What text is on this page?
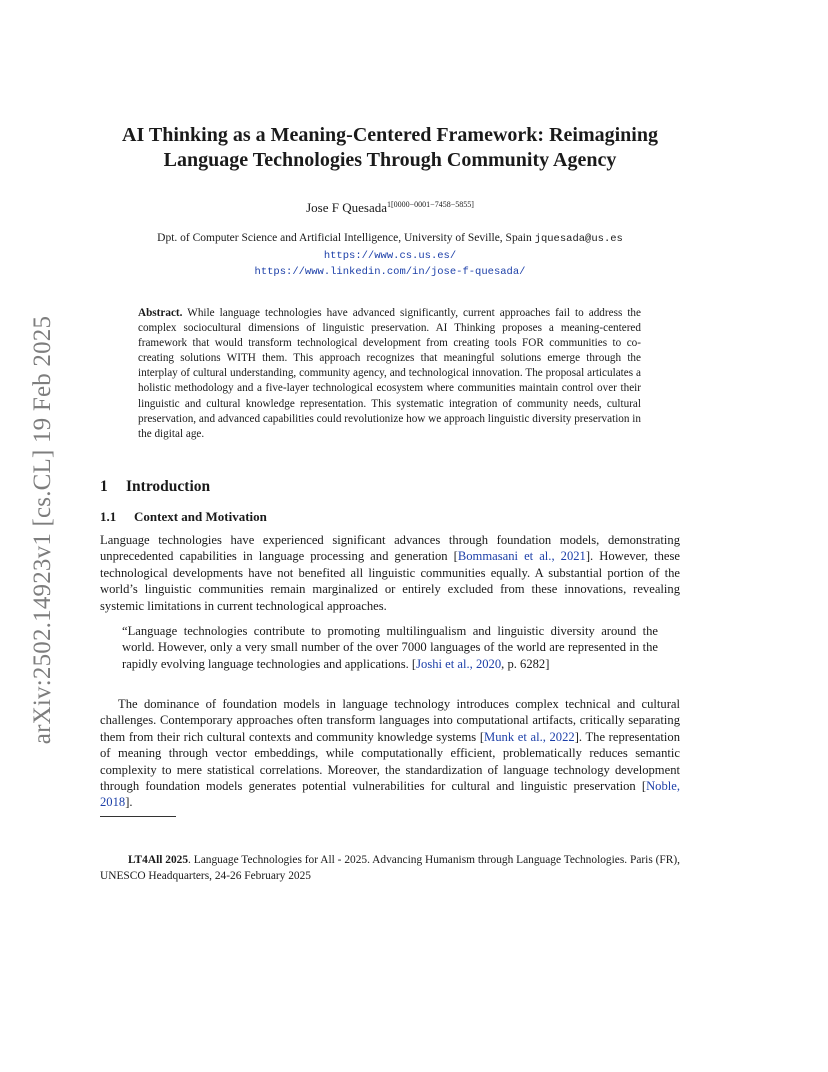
arXiv:2502.14923v1 [cs.CL] 19 Feb 2025
AI Thinking as a Meaning-Centered Framework: Reimagining
Language Technologies Through Community Agency
Jose F Quesada$^{1[0000-0001-7458-5855]}$
Dpt. of Computer Science and Artificial Intelligence, University of Seville, Spain jquesada@us.es
https://www.cs.us.es/
https://www.linkedin.com/in/jose-f-quesada/
Abstract. While language technologies have advanced significantly, current approaches fail to address the complex sociocultural dimensions of linguistic preservation. AI Thinking proposes a meaning-centered framework that would transform technological development from creating tools FOR communities to co-creating solutions WITH them. This approach recognizes that meaningful solutions emerge through the interplay of cultural understanding, community agency, and technological innovation. The proposal articulates a holistic methodology and a five-layer technological ecosystem where communities maintain control over their linguistic and cultural knowledge representation. This systematic integration of community needs, cultural preservation, and advanced capabilities could revolutionize how we approach linguistic diversity preservation in the digital age.
1 Introduction
1.1 Context and Motivation
Language technologies have experienced significant advances through foundation models, demonstrating unprecedented capabilities in language processing and generation [Bommasani et al., 2021]. However, these technological developments have not benefited all linguistic communities equally. A substantial portion of the world’s linguistic communities remain marginalized or entirely excluded from these innovations, revealing systemic limitations in current technological approaches.
“Language technologies contribute to promoting multilingualism and linguistic diversity around the world. However, only a very small number of the over 7000 languages of the world are represented in the rapidly evolving language technologies and applications. [Joshi et al., 2020, p. 6282]
The dominance of foundation models in language technology introduces complex technical and cultural challenges. Contemporary approaches often transform languages into computational artifacts, critically separating them from their rich cultural contexts and community knowledge systems [Munk et al., 2022]. The representation of meaning through vector embeddings, while computationally efficient, problematically reduces semantic complexity to mere statistical correlations. Moreover, the standardization of language technology development through foundation models generates potential vulnerabilities for cultural and linguistic preservation [Noble, 2018].
LT4All 2025. Language Technologies for All - 2025. Advancing Humanism through Language Technologies. Paris (FR), UNESCO Headquarters, 24-26 February 2025
